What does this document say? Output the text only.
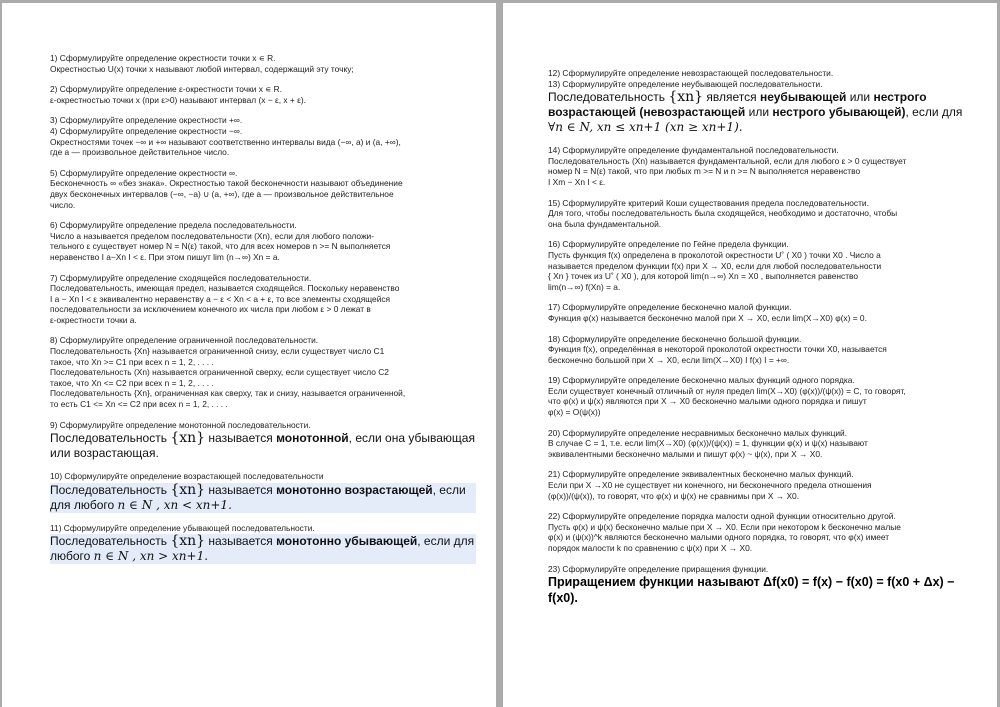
1) Сформулируйте определение окрестности точки x ∊ R.

Окрестностью U(x) точки x называют любой интервал, содержащий эту точку;

2) Сформулируйте определение ε-окрестности точки x ∊ R.

ε-окрестностью точки x (при ε>0) называют интервал (x − ε, x + ε).

3) Сформулируйте определение окрестности +∞.

4) Сформулируйте определение окрестности −∞.

Окрестностями точек −∞ и +∞ называют соответственно интервалы вида (−∞, a) и (a, +∞),

где a — произвольное действительное число.

5) Сформулируйте определение окрестности ∞.

Бесконечность ∞ «без знака». Окрестностью такой бесконечности называют объединение

двух бесконечных интервалов (−∞, −a) ∪ (a, +∞), где a — произвольное действительное

число.

6) Сформулируйте определение предела последовательности.

Число a называется пределом последовательности (Xn), если для любого положи-

тельного ε существует номер N = N(ε) такой, что для всех номеров n >= N выполняется

неравенство I a−Xn I < ε. При этом пишут lim (n→∞) Xn = a.

7) Сформулируйте определение сходящейся последовательности.

Последовательность, имеющая предел, называется сходящейся. Поскольку неравенство

I a − Xn I < ε эквивалентно неравенству a − ε < Xn < a + ε, то все элементы сходящейся

последовательности за исключением конечного их числа при любом ε > 0 лежат в

ε-окрестности точки a.

8) Сформулируйте определение ограниченной последовательности.

Последовательность {Xn} называется ограниченной снизу, если существует число C1

такое, что Xn >= C1 при всех n = 1, 2, . . . .

Последовательность (Xn) называется ограниченной сверху, если существует число C2

такое, что Xn <= C2 при всех n = 1, 2, . . . .

Последовательность {Xn}, ограниченная как сверху, так и снизу, называется ограниченной,

то есть C1 <= Xn <= C2 при всех n = 1, 2, . . . .

9) Сформулируйте определение монотонной последовательности.

Последовательность {xn} называется монотонной, если она убывающая
или возрастающая.

10) Сформулируйте определение возрастающей последовательности

Последовательность {xn} называется монотонно возрастающей, если
для любого n ∈ N , xn < xn+1.

11) Сформулируйте определение убывающей последовательности.

Последовательность {xn} называется монотонно убывающей, если для
любого n ∈ N , xn > xn+1.

12) Сформулируйте определение невозрастающей последовательности.

13) Сформулируйте определение неубывающей последовательности.

Последовательность {xn} является неубывающей или нестрого
возрастающей (невозрастающей или нестрого убывающей), если для
∀n ∈ N, xn ≤ xn+1 (xn ≥ xn+1).

14) Сформулируйте определение фундаментальной последовательности.

Последовательность (Xn) называется фундаментальной, если для любого ε > 0 существует

номер N = N(ε) такой, что при любых m >= N и n >= N выполняется неравенство

I Xm − Xn I < ε.

15) Сформулируйте критерий Коши существования предела последовательности.

Для того, чтобы последовательность была сходящейся, необходимо и достаточно, чтобы

она была фундаментальной.

16) Сформулируйте определение по Гейне предела функции.

Пусть функция f(x) определена в проколотой окрестности U˚ ( X0 ) точки X0 . Число a

называется пределом функции f(x) при X → X0, если для любой последовательности

{ Xn } точек из U˚ ( X0 ), для которой lim(n→∞) Xn = X0 , выполняется равенство

lim(n→∞) f(Xn) = a.

17) Сформулируйте определение бесконечно малой функции.

Функция φ(x) называется бесконечно малой при X → X0, если lim(X→X0) φ(x) = 0.

18) Сформулируйте определение бесконечно большой функции.

Функция f(x), определённая в некоторой проколотой окрестности точки X0, называется

бесконечно большой при X → X0, если lim(X→X0) I f(x) I = +∞.

19) Сформулируйте определение бесконечно малых функций одного порядка.

Если существует конечный отличный от нуля предел lim(X→X0) (φ(x))/(ψ(x)) = C, то говорят,

что φ(x) и ψ(x) являются при X → X0 бесконечно малыми одного порядка и пишут

φ(x) = O(ψ(x))

20) Сформулируйте определение несравнимых бесконечно малых функций.

В случае C = 1, т.е. если lim(X→X0) (φ(x))/(ψ(x)) = 1, функции φ(x) и ψ(x) называют

эквивалентными бесконечно малыми и пишут φ(x) ~ ψ(x), при X → X0.

21) Сформулируйте определение эквивалентных бесконечно малых функций.

Если при X →X0 не существует ни конечного, ни бесконечного предела отношения

(φ(x))/(ψ(x)), то говорят, что φ(x) и ψ(x) не сравнимы при X → X0.

22) Сформулируйте определение порядка малости одной функции относительно другой.

Пусть φ(x) и ψ(x) бесконечно малые при X → X0. Если при некотором k бесконечно малые

φ(x) и (ψ(x))^k являются бесконечно малыми одного порядка, то говорят, что φ(x) имеет

порядок малости k по сравнению с ψ(x) при X → X0.

23) Сформулируйте определение приращения функции.

Приращением функции называют Δf(x0) = f(x) − f(x0) = f(x0 + Δx) −

f(x0).
